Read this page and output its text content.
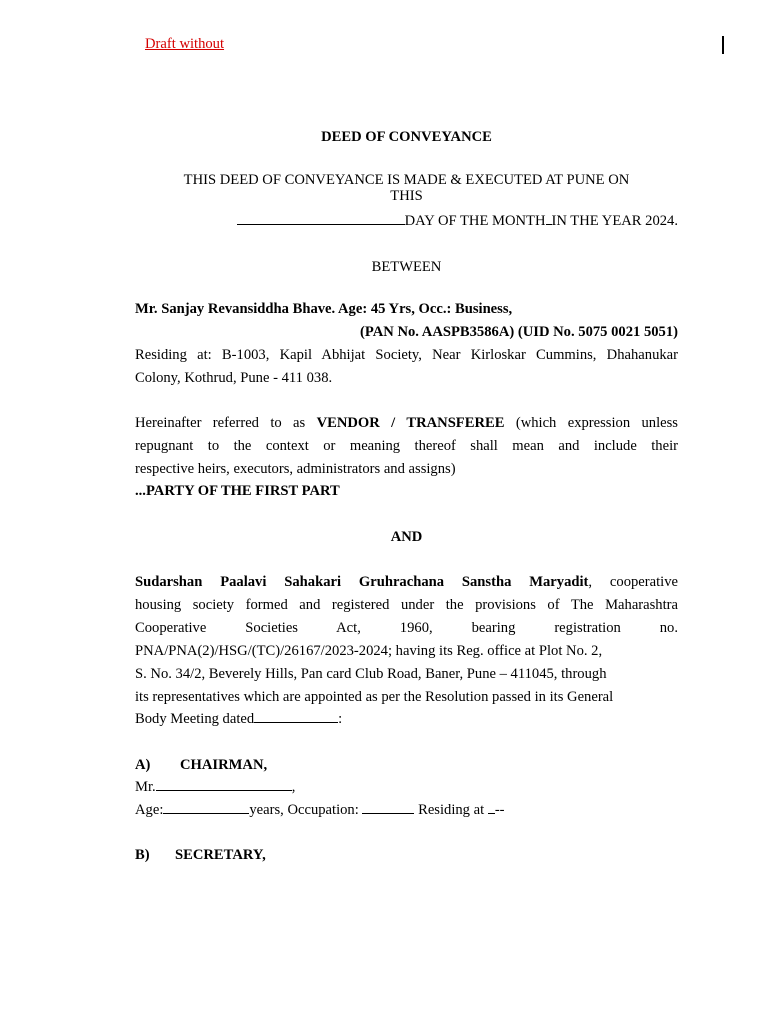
Draft without
DEED OF CONVEYANCE
THIS DEED OF CONVEYANCE IS MADE & EXECUTED AT PUNE ON
THIS
DAY OF THE MONTH IN THE YEAR 2024.
BETWEEN
Mr. Sanjay Revansiddha Bhave. Age: 45 Yrs, Occ.: Business,
(PAN No. AASPB3586A) (UID No. 5075 0021 5051)
Residing at: B-1003, Kapil Abhijat Society, Near Kirloskar Cummins, Dhahanukar
Colony, Kothrud, Pune - 411 038.
Hereinafter referred to as VENDOR / TRANSFEREE (which expression unless
repugnant to the context or meaning thereof shall mean and include their
respective heirs, executors, administrators and assigns)
...PARTY OF THE FIRST PART
AND
Sudarshan Paalavi Sahakari Gruhrachana Sanstha Maryadit, cooperative
housing society formed and registered under the provisions of The Maharashtra
Cooperative Societies Act, 1960, bearing registration no.
PNA/PNA(2)/HSG/(TC)/26167/2023-2024; having its Reg. office at Plot No. 2,
S. No. 34/2, Beverely Hills, Pan card Club Road, Baner, Pune – 411045, through
its representatives which are appointed as per the Resolution passed in its General
Body Meeting dated	:
A) CHAIRMAN,
Mr.	,
Age:	years, Occupation:	Residing at --
B) SECRETARY,
